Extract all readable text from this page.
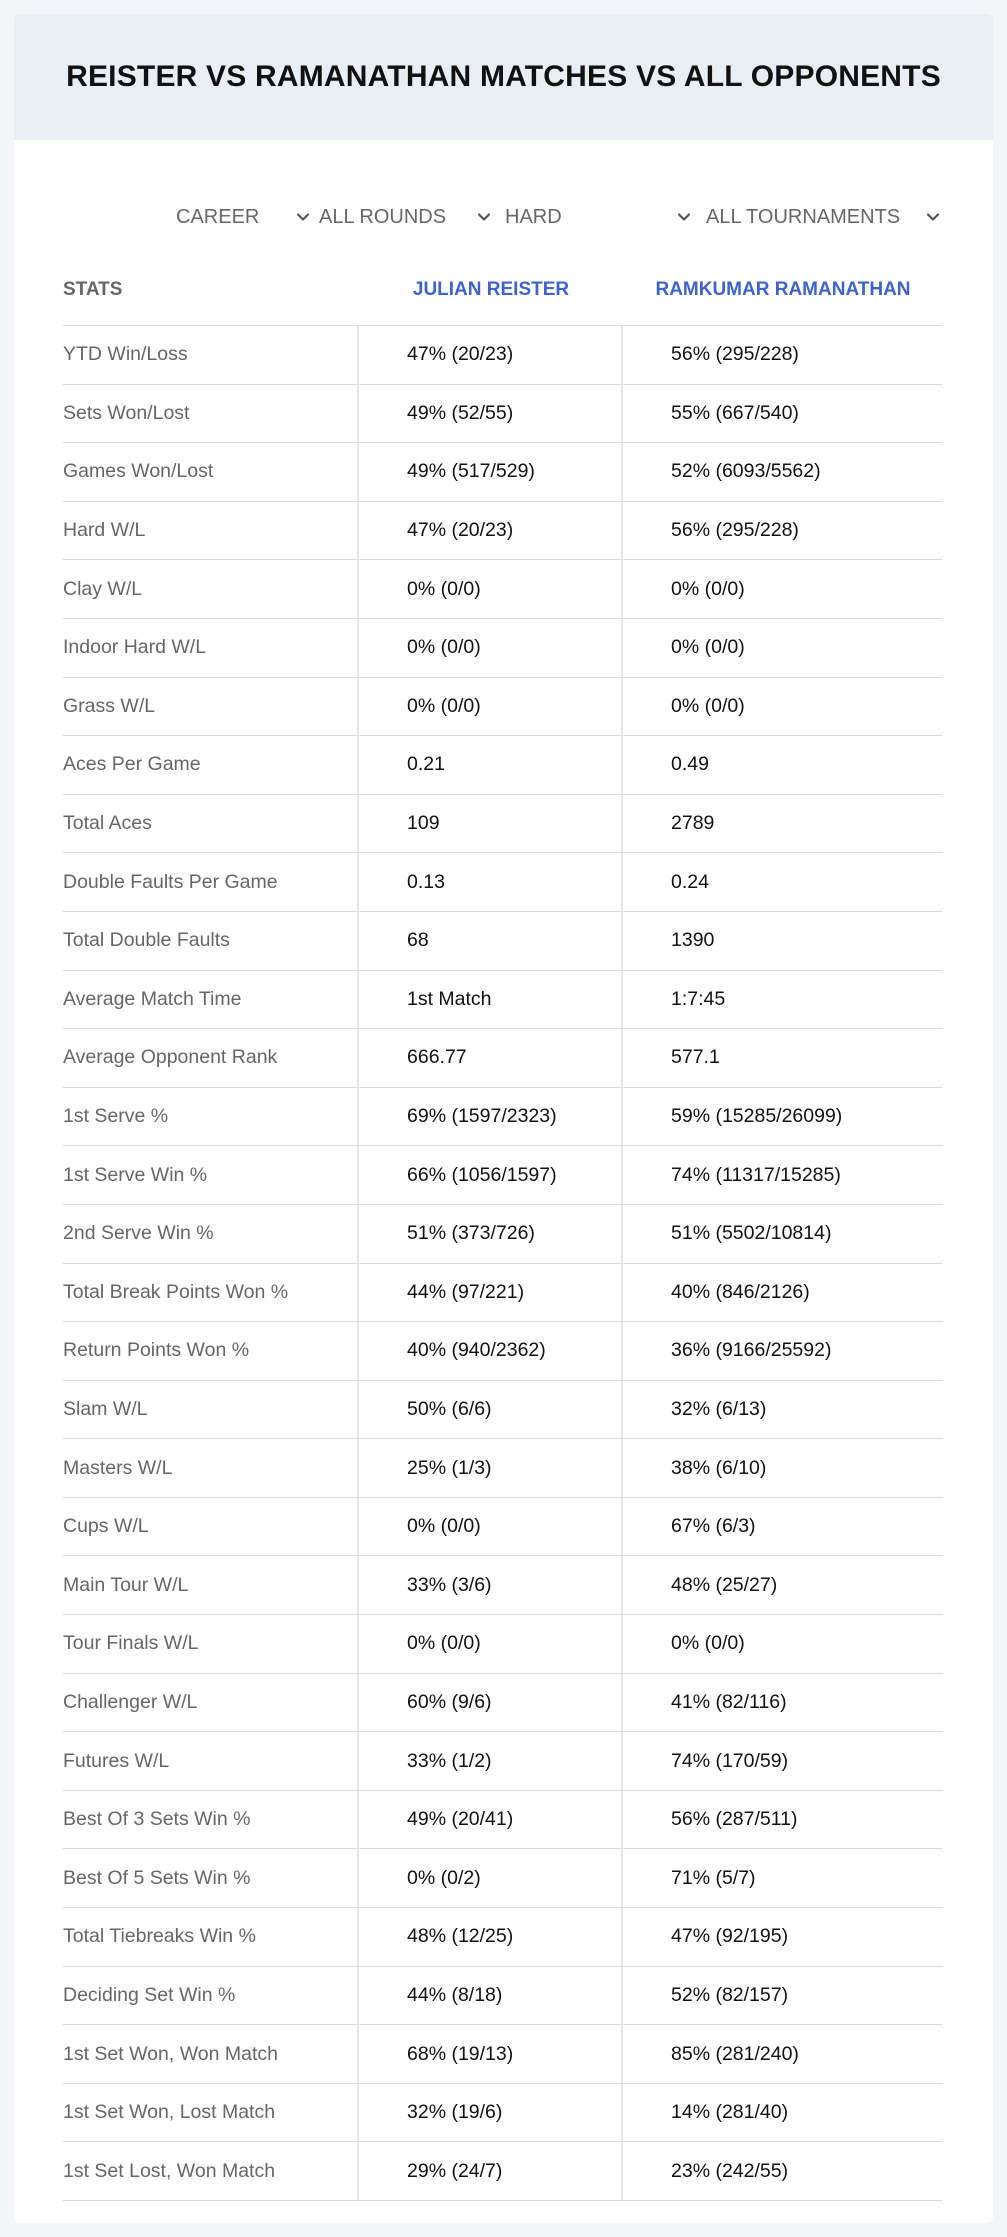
REISTER VS RAMANATHAN MATCHES VS ALL OPPONENTS
CAREER	ALL ROUNDS	HARD	ALL TOURNAMENTS
STATS	JULIAN REISTER	RAMKUMAR RAMANATHAN
YTD Win/Loss	47% (20/23)	56% (295/228)
Sets Won/Lost	49% (52/55)	55% (667/540)
Games Won/Lost	49% (517/529)	52% (6093/5562)
Hard W/L	47% (20/23)	56% (295/228)
Clay W/L	0% (0/0)	0% (0/0)
Indoor Hard W/L	0% (0/0)	0% (0/0)
Grass W/L	0% (0/0)	0% (0/0)
Aces Per Game	0.21	0.49
Total Aces	109	2789
Double Faults Per Game	0.13	0.24
Total Double Faults	68	1390
Average Match Time	1st Match	1:7:45
Average Opponent Rank	666.77	577.1
1st Serve %	69% (1597/2323)	59% (15285/26099)
1st Serve Win %	66% (1056/1597)	74% (11317/15285)
2nd Serve Win %	51% (373/726)	51% (5502/10814)
Total Break Points Won %	44% (97/221)	40% (846/2126)
Return Points Won %	40% (940/2362)	36% (9166/25592)
Slam W/L	50% (6/6)	32% (6/13)
Masters W/L	25% (1/3)	38% (6/10)
Cups W/L	0% (0/0)	67% (6/3)
Main Tour W/L	33% (3/6)	48% (25/27)
Tour Finals W/L	0% (0/0)	0% (0/0)
Challenger W/L	60% (9/6)	41% (82/116)
Futures W/L	33% (1/2)	74% (170/59)
Best Of 3 Sets Win %	49% (20/41)	56% (287/511)
Best Of 5 Sets Win %	0% (0/2)	71% (5/7)
Total Tiebreaks Win %	48% (12/25)	47% (92/195)
Deciding Set Win %	44% (8/18)	52% (82/157)
1st Set Won, Won Match	68% (19/13)	85% (281/240)
1st Set Won, Lost Match	32% (19/6)	14% (281/40)
1st Set Lost, Won Match	29% (24/7)	23% (242/55)
